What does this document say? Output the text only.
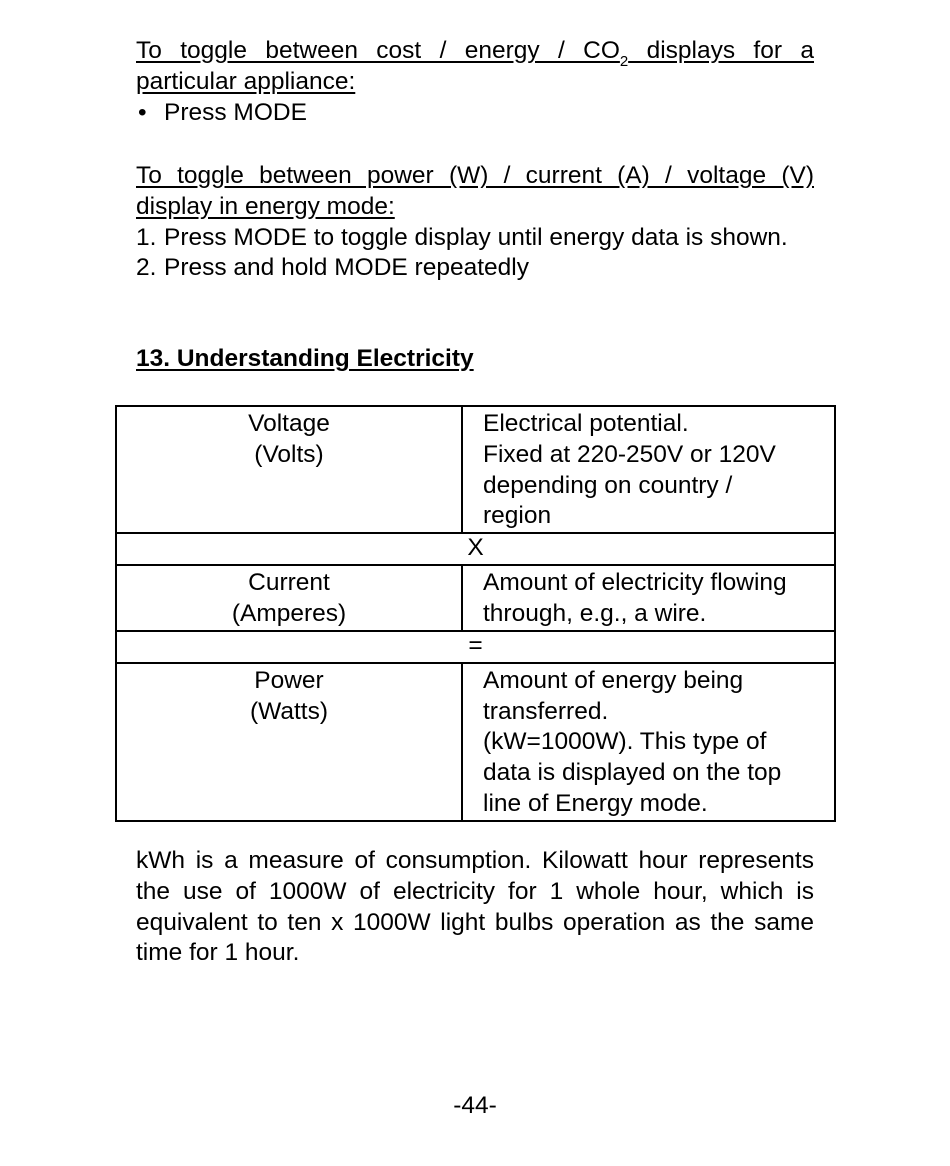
To toggle between cost / energy / $CO_2$ displays for a
particular appliance:
• Press MODE
To toggle between power (W) / current (A) / voltage (V)
display in energy mode:
1. Press MODE to toggle display until energy data is shown.
2. Press and hold MODE repeatedly
13. Understanding Electricity
Voltage
(Volts)	Electrical potential.
Fixed at 220-250V or 120V
depending on country /
region

X	

Current
(Amperes)	Amount of electricity flowing
through, e.g., a wire.

=	

Power
(Watts)	Amount of energy being
transferred.
(kW=1000W). This type of
data is displayed on the top
line of Energy mode.
kWh is a measure of consumption. Kilowatt hour represents the use of 1000W of electricity for 1 whole hour, which is equivalent to ten x 1000W light bulbs operation as the same time for 1 hour.
-44-
